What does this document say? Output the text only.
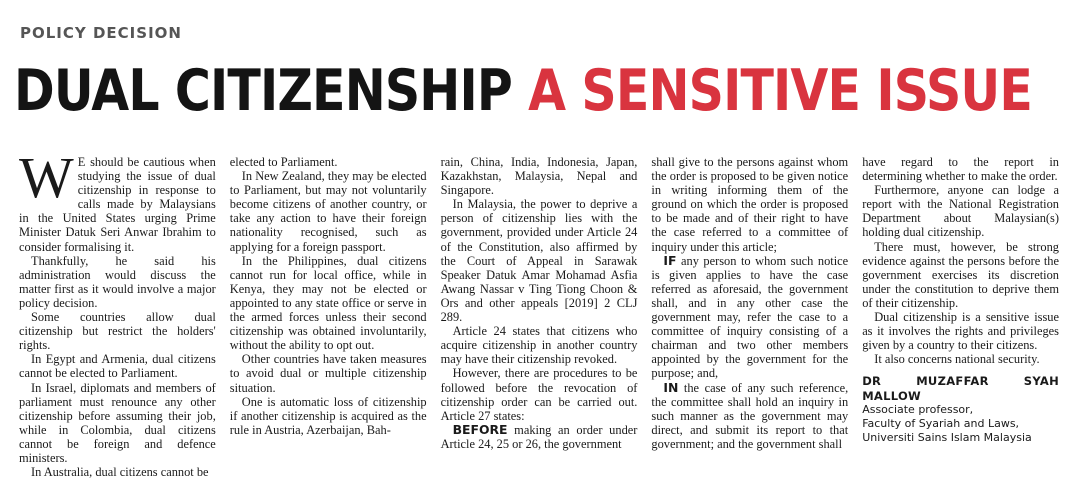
POLICY DECISION
DUAL CITIZENSHIP A SENSITIVE ISSUE

W E should be cautious when studying the issue of dual citizenship in response to calls made by Malaysians in the United States urging Prime Minister Datuk Seri Anwar Ibrahim to consider formalising it.

Thankfully, he said his administration would discuss the matter first as it would involve a major policy decision.

Some countries allow dual citizenship but restrict the holders' rights.

In Egypt and Armenia, dual citizens cannot be elected to Parliament.

In Israel, diplomats and members of parliament must renounce any other citizenship before assuming their job, while in Colombia, dual citizens cannot be foreign and defence ministers.

In Australia, dual citizens cannot be

elected to Parliament.

In New Zealand, they may be elected to Parliament, but may not voluntarily become citizens of another country, or take any action to have their foreign nationality recognised, such as applying for a foreign passport.

In the Philippines, dual citizens cannot run for local office, while in Kenya, they may not be elected or appointed to any state office or serve in the armed forces unless their second citizenship was obtained involuntarily, without the ability to opt out.

Other countries have taken measures to avoid dual or multiple citizenship situation.

One is automatic loss of citizenship if another citizenship is acquired as the rule in Austria, Azerbaijan, Bah-

rain, China, India, Indonesia, Japan, Kazakhstan, Malaysia, Nepal and Singapore.

In Malaysia, the power to deprive a person of citizenship lies with the government, provided under Article 24 of the Constitution, also affirmed by the Court of Appeal in Sarawak Speaker Datuk Amar Mohamad Asfia Awang Nassar v Ting Tiong Choon & Ors and other appeals [2019] 2 CLJ 289.

Article 24 states that citizens who acquire citizenship in another country may have their citizenship revoked.

However, there are procedures to be followed before the revocation of citizenship order can be carried out. Article 27 states:

BEFORE making an order under Article 24, 25 or 26, the government

shall give to the persons against whom the order is proposed to be given notice in writing informing them of the ground on which the order is proposed to be made and of their right to have the case referred to a committee of inquiry under this article;

IF any person to whom such notice is given applies to have the case referred as aforesaid, the government shall, and in any other case the government may, refer the case to a committee of inquiry consisting of a chairman and two other members appointed by the government for the purpose; and,

IN the case of any such reference, the committee shall hold an inquiry in such manner as the government may direct, and submit its report to that government; and the government shall

have regard to the report in determining whether to make the order.

Furthermore, anyone can lodge a report with the National Registration Department about Malaysian(s) holding dual citizenship.

There must, however, be strong evidence against the persons before the government exercises its discretion under the constitution to deprive them of their citizenship.

Dual citizenship is a sensitive issue as it involves the rights and privileges given by a country to their citizens.

It also concerns national security.

DR MUZAFFAR SYAH MALLOW
Associate professor,
Faculty of Syariah and Laws,
Universiti Sains Islam Malaysia
